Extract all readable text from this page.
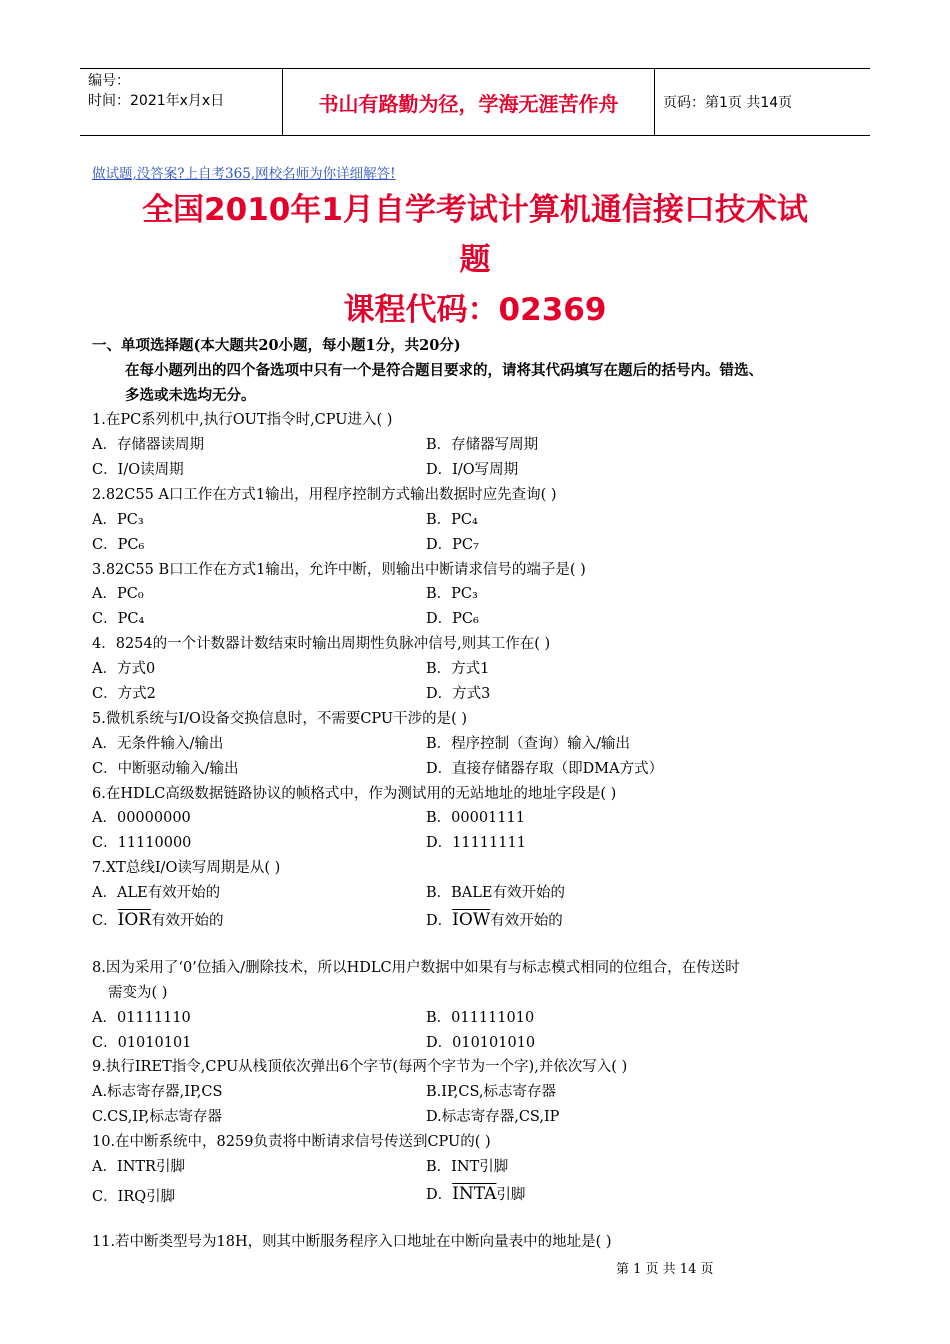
编号：
时间：2021年x月x日	书山有路勤为径，学海无涯苦作舟	页码：第1页 共14页
做试题,没答案?上自考365,网校名师为你详细解答!
全国2010年1月自学考试计算机通信接口技术试
题
课程代码：02369
一、单项选择题(本大题共20小题，每小题1分，共20分)
在每小题列出的四个备选项中只有一个是符合题目要求的，请将其代码填写在题后的括号内。错选、
多选或未选均无分。
1.在PC系列机中,执行OUT指令时,CPU进入( )
A．存储器读周期	B．存储器写周期
C．I/O读周期	D．I/O写周期
2.82C55 A口工作在方式1输出，用程序控制方式输出数据时应先查询( )
A．PC₃	B．PC₄
C．PC₆	D．PC₇
3.82C55 B口工作在方式1输出，允许中断，则输出中断请求信号的端子是( )
A．PC₀	B．PC₃
C．PC₄	D．PC₆
4．8254的一个计数器计数结束时输出周期性负脉冲信号,则其工作在( )
A．方式0	B．方式1
C．方式2	D．方式3
5.微机系统与I/O设备交换信息时，不需要CPU干涉的是( )
A．无条件输入/输出	B．程序控制（查询）输入/输出
C．中断驱动输入/输出	D．直接存储器存取（即DMA方式）
6.在HDLC高级数据链路协议的帧格式中，作为测试用的无站地址的地址字段是( )
A．00000000	B．00001111
C．11110000	D．11111111
7.XT总线I/O读写周期是从( )
A．ALE有效开始的	B．BALE有效开始的
C．$\overline{IOR}$有效开始的	D．$\overline{IOW}$有效开始的
8.因为采用了‘0’位插入/删除技术，所以HDLC用户数据中如果有与标志模式相同的位组合，在传送时
需变为( )
A．01111110	B．011111010
C．01010101	D．010101010
9.执行IRET指令,CPU从栈顶依次弹出6个字节(每两个字节为一个字),并依次写入( )
A.标志寄存器,IP,CS	B.IP,CS,标志寄存器
C.CS,IP,标志寄存器	D.标志寄存器,CS,IP
10.在中断系统中，8259负责将中断请求信号传送到CPU的( )
A．INTR引脚	B．INT引脚
C．IRQ引脚	D．INTA引脚
11.若中断类型号为18H，则其中断服务程序入口地址在中断向量表中的地址是( )
第 1 页 共 14 页
